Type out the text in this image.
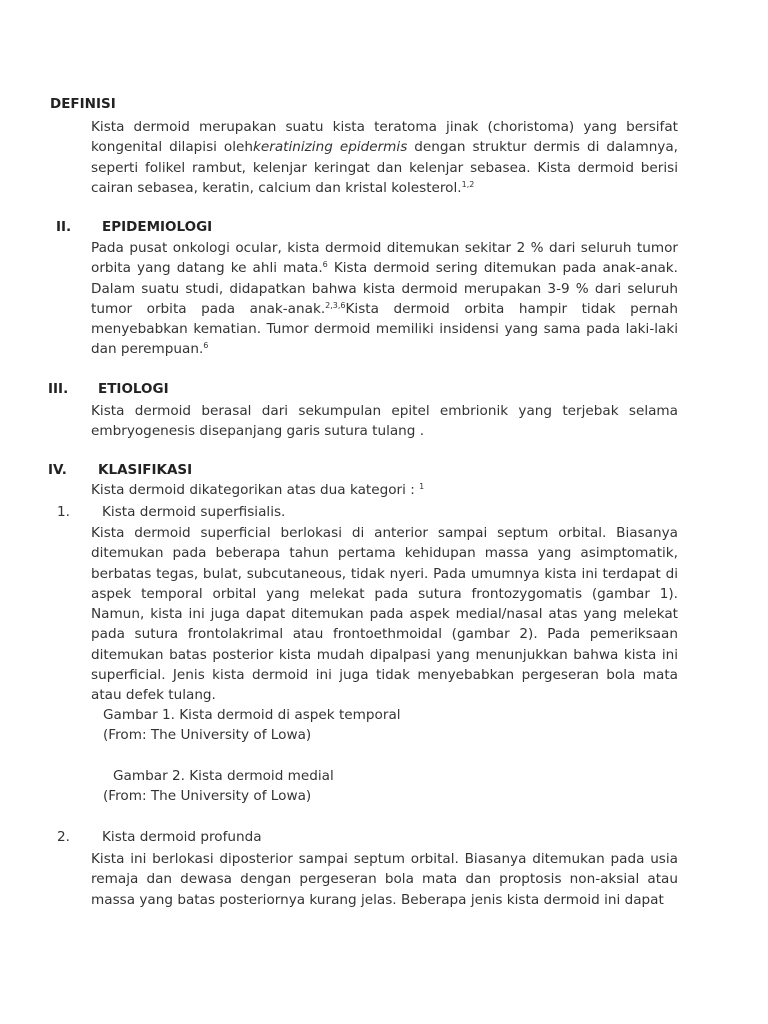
DEFINISI
Kista dermoid merupakan suatu kista teratoma jinak (choristoma) yang bersifat kongenital dilapisi olehkeratinizing epidermis dengan struktur dermis di dalamnya, seperti folikel rambut, kelenjar keringat dan kelenjar sebasea. Kista dermoid berisi cairan sebasea, keratin, calcium dan kristal kolesterol.$^{1,2}$
II. EPIDEMIOLOGI
Pada pusat onkologi ocular, kista dermoid ditemukan sekitar 2 % dari seluruh tumor orbita yang datang ke ahli mata.$^6$ Kista dermoid sering ditemukan pada anak-anak. Dalam suatu studi, didapatkan bahwa kista dermoid merupakan 3-9 % dari seluruh tumor orbita pada anak-anak.$^{2,3,6}$Kista dermoid orbita hampir tidak pernah menyebabkan kematian. Tumor dermoid memiliki insidensi yang sama pada laki-laki dan perempuan.$^6$
III. ETIOLOGI
Kista dermoid berasal dari sekumpulan epitel embrionik yang terjebak selama embryogenesis disepanjang garis sutura tulang .
IV. KLASIFIKASI
Kista dermoid dikategorikan atas dua kategori : $^1$
1. Kista dermoid superfisialis.
Kista dermoid superficial berlokasi di anterior sampai septum orbital. Biasanya ditemukan pada beberapa tahun pertama kehidupan massa yang asimptomatik, berbatas tegas, bulat, subcutaneous, tidak nyeri. Pada umumnya kista ini terdapat di aspek temporal orbital yang melekat pada sutura frontozygomatis (gambar 1). Namun, kista ini juga dapat ditemukan pada aspek medial/nasal atas yang melekat pada sutura frontolakrimal atau frontoethmoidal (gambar 2). Pada pemeriksaan ditemukan batas posterior kista mudah dipalpasi yang menunjukkan bahwa kista ini superficial. Jenis kista dermoid ini juga tidak menyebabkan pergeseran bola mata atau defek tulang.
Gambar 1. Kista dermoid di aspek temporal
(From: The University of Lowa)
Gambar 2. Kista dermoid medial
(From: The University of Lowa)
2. Kista dermoid profunda
Kista ini berlokasi diposterior sampai septum orbital. Biasanya ditemukan pada usia remaja dan dewasa dengan pergeseran bola mata dan proptosis non-aksial atau massa yang batas posteriornya kurang jelas. Beberapa jenis kista dermoid ini dapat
